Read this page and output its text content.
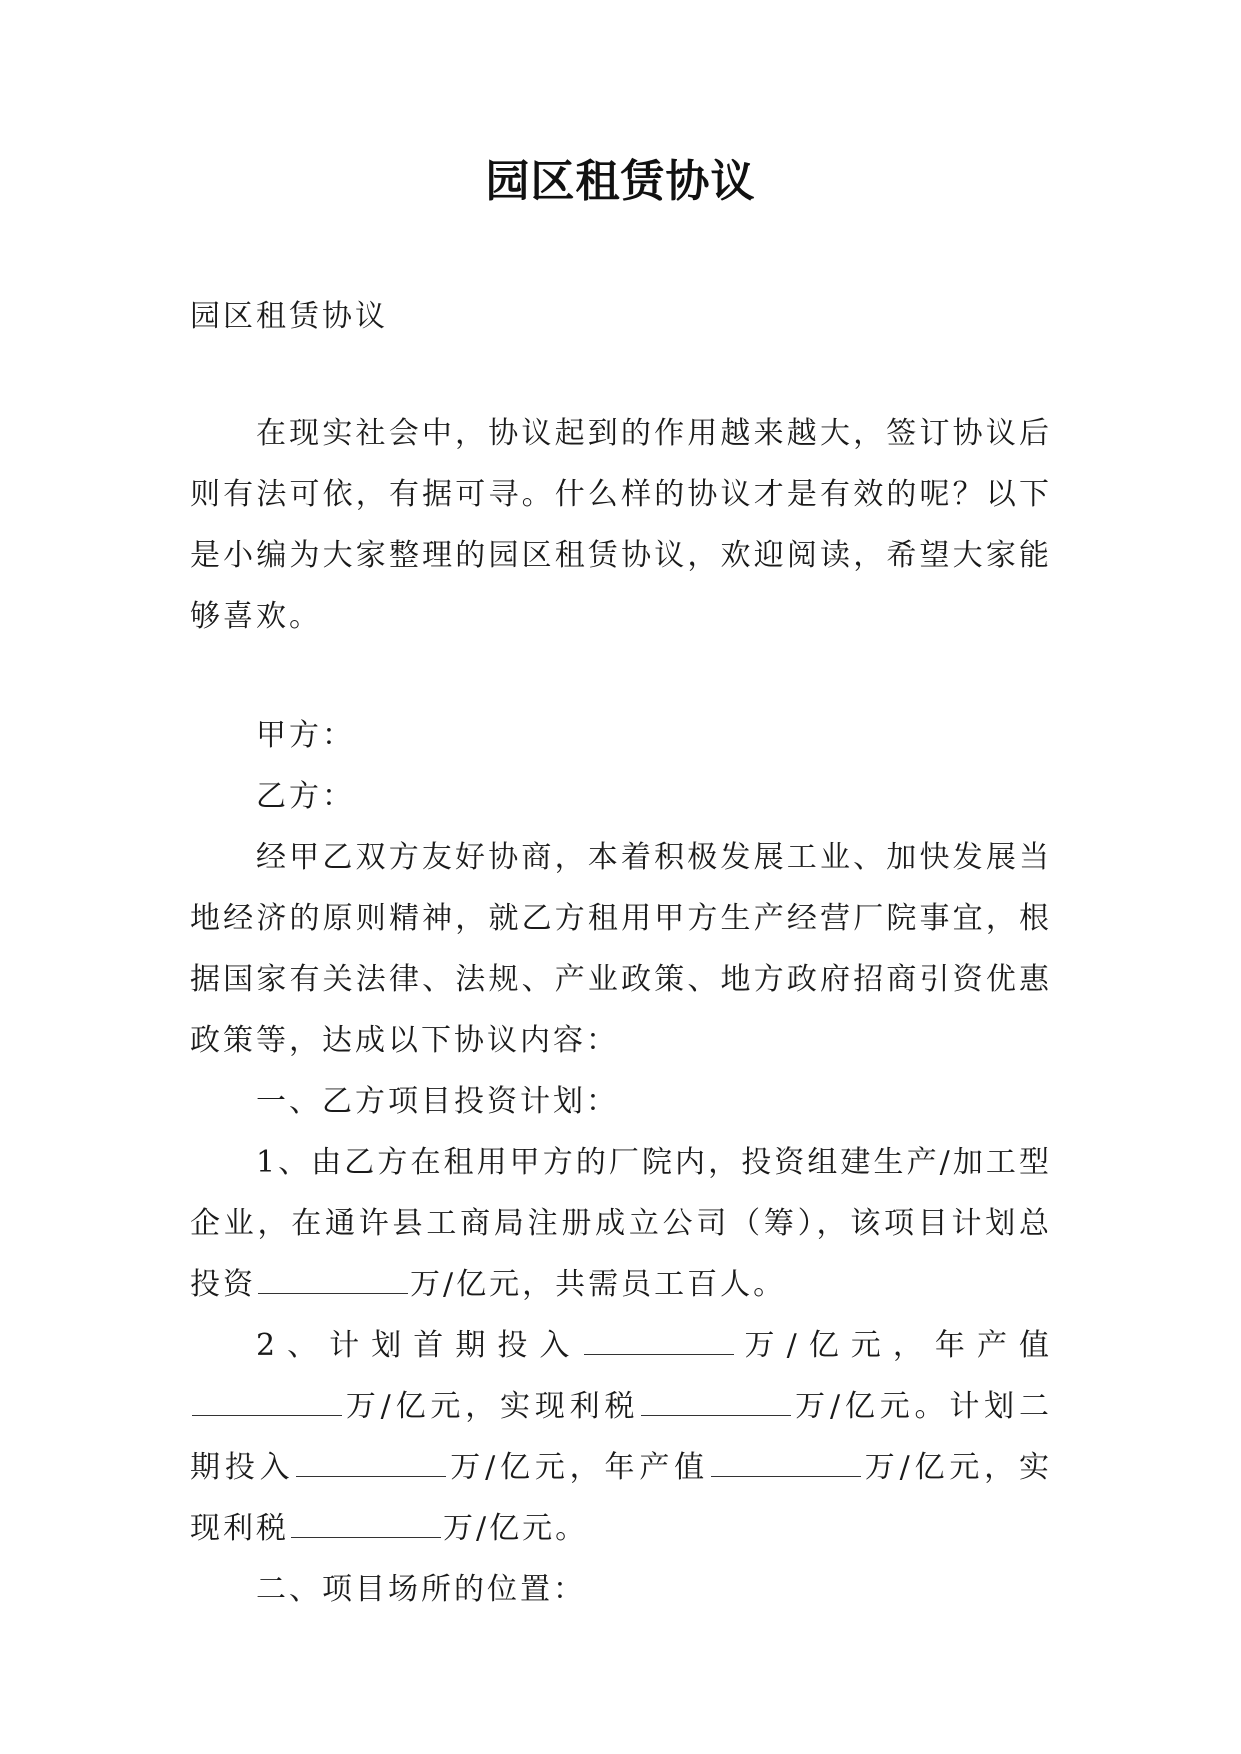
园区租赁协议

园区租赁协议

在现实社会中，协议起到的作用越来越大，签订协议后则有法可依，有据可寻。什么样的协议才是有效的呢？以下是小编为大家整理的园区租赁协议，欢迎阅读，希望大家能够喜欢。

甲方：

乙方：

经甲乙双方友好协商，本着积极发展工业、加快发展当地经济的原则精神，就乙方租用甲方生产经营厂院事宜，根据国家有关法律、法规、产业政策、地方政府招商引资优惠政策等，达成以下协议内容：

一、乙方项目投资计划：

1、由乙方在租用甲方的厂院内，投资组建生产/加工型企业，在通许县工商局注册成立公司（筹），该项目计划总投资	万/亿元，共需员工百人。

2、计划首期投入	万/亿元，年产值万/亿元，实现利税	万/亿元。计划二期投入	万/亿元，年产值	万/亿元，实现利税	万/亿元。

二、项目场所的位置：
